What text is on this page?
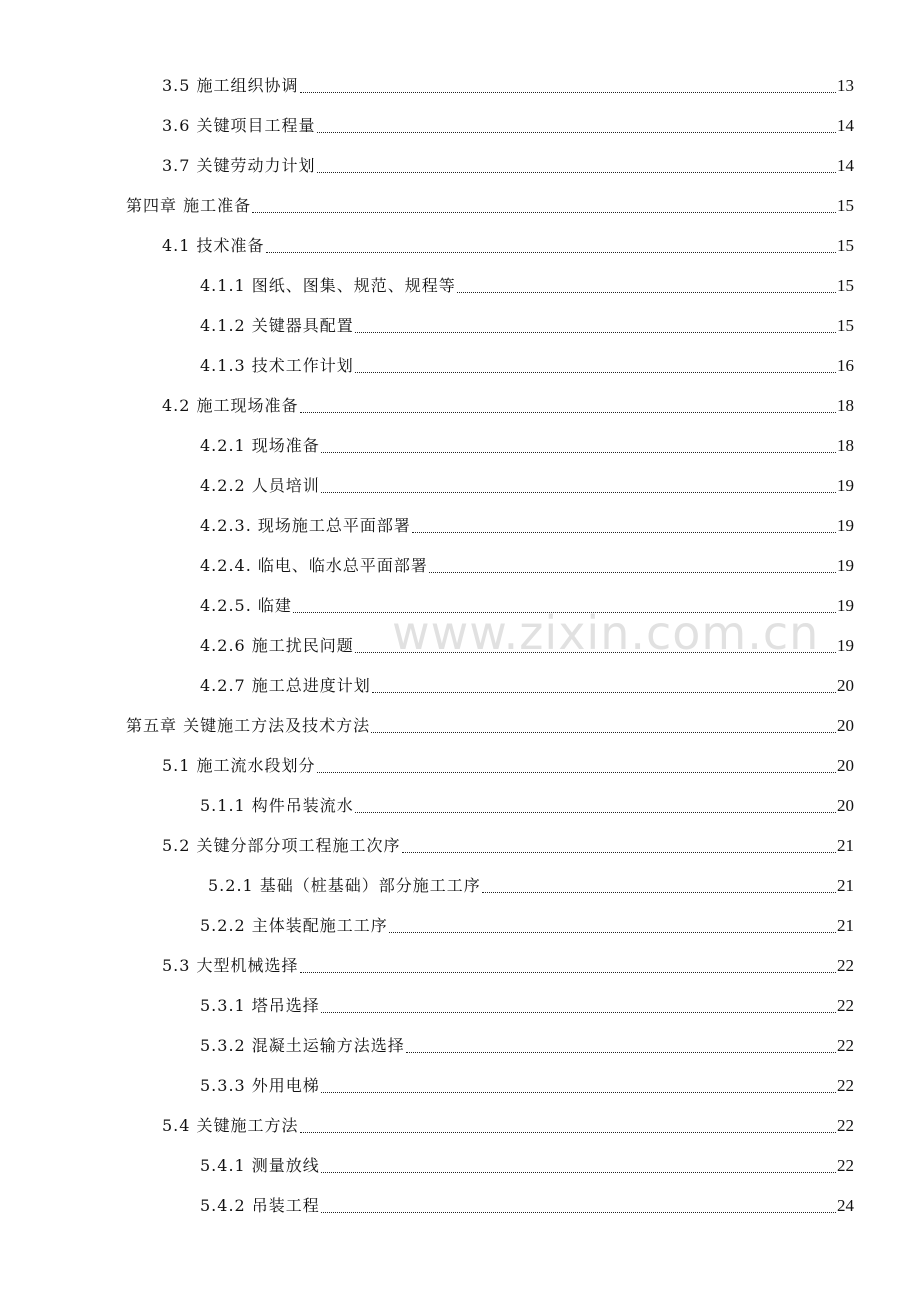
3.5 施工组织协调	13
3.6 关键项目工程量	14
3.7 关键劳动力计划	14
第四章 施工准备	15
4.1 技术准备	15
4.1.1 图纸、图集、规范、规程等	15
4.1.2 关键器具配置	15
4.1.3 技术工作计划	16
4.2 施工现场准备	18
4.2.1 现场准备	18
4.2.2 人员培训	19
4.2.3. 现场施工总平面部署	19
4.2.4. 临电、临水总平面部署	19
4.2.5. 临建	19
4.2.6 施工扰民问题	19
4.2.7 施工总进度计划	20
第五章 关键施工方法及技术方法	20
5.1 施工流水段划分	20
5.1.1 构件吊装流水	20
5.2 关键分部分项工程施工次序	21
5.2.1 基础（桩基础）部分施工工序	21
5.2.2 主体装配施工工序	21
5.3 大型机械选择	22
5.3.1 塔吊选择	22
5.3.2 混凝土运输方法选择	22
5.3.3 外用电梯	22
5.4 关键施工方法	22
5.4.1 测量放线	22
5.4.2 吊装工程	24
www.zixin.com.cn
